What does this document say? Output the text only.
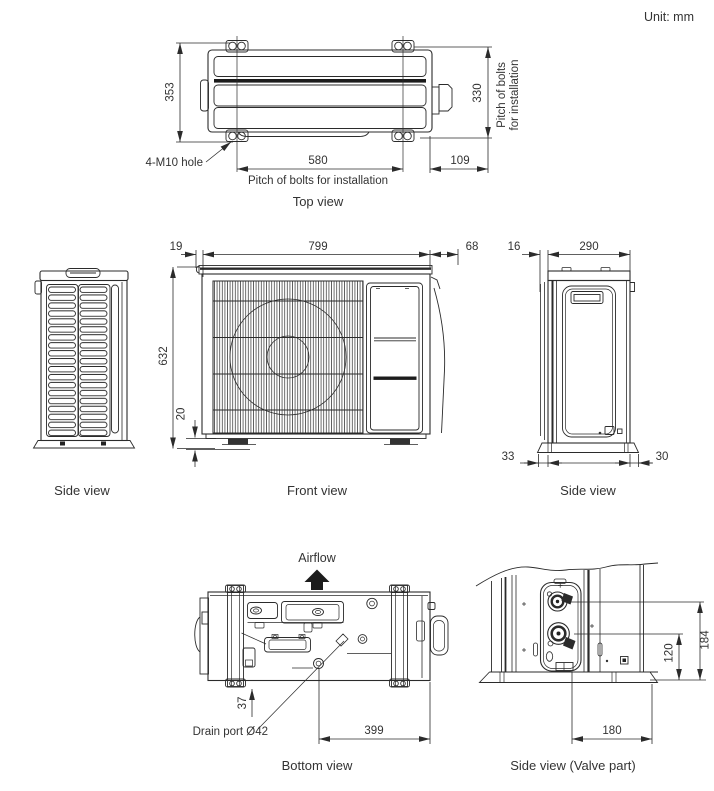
353	330 Pitch of bolts for installation
580	109
4-M10 hole
Pitch of bolts for installation
Top view
Unit: mm
Side view
19	799	68
632
20
Front view
16	290
33	30
Side view
Airflow
37
Drain port Ø42	399
Bottom view
184
120
180
Side view (Valve part)
